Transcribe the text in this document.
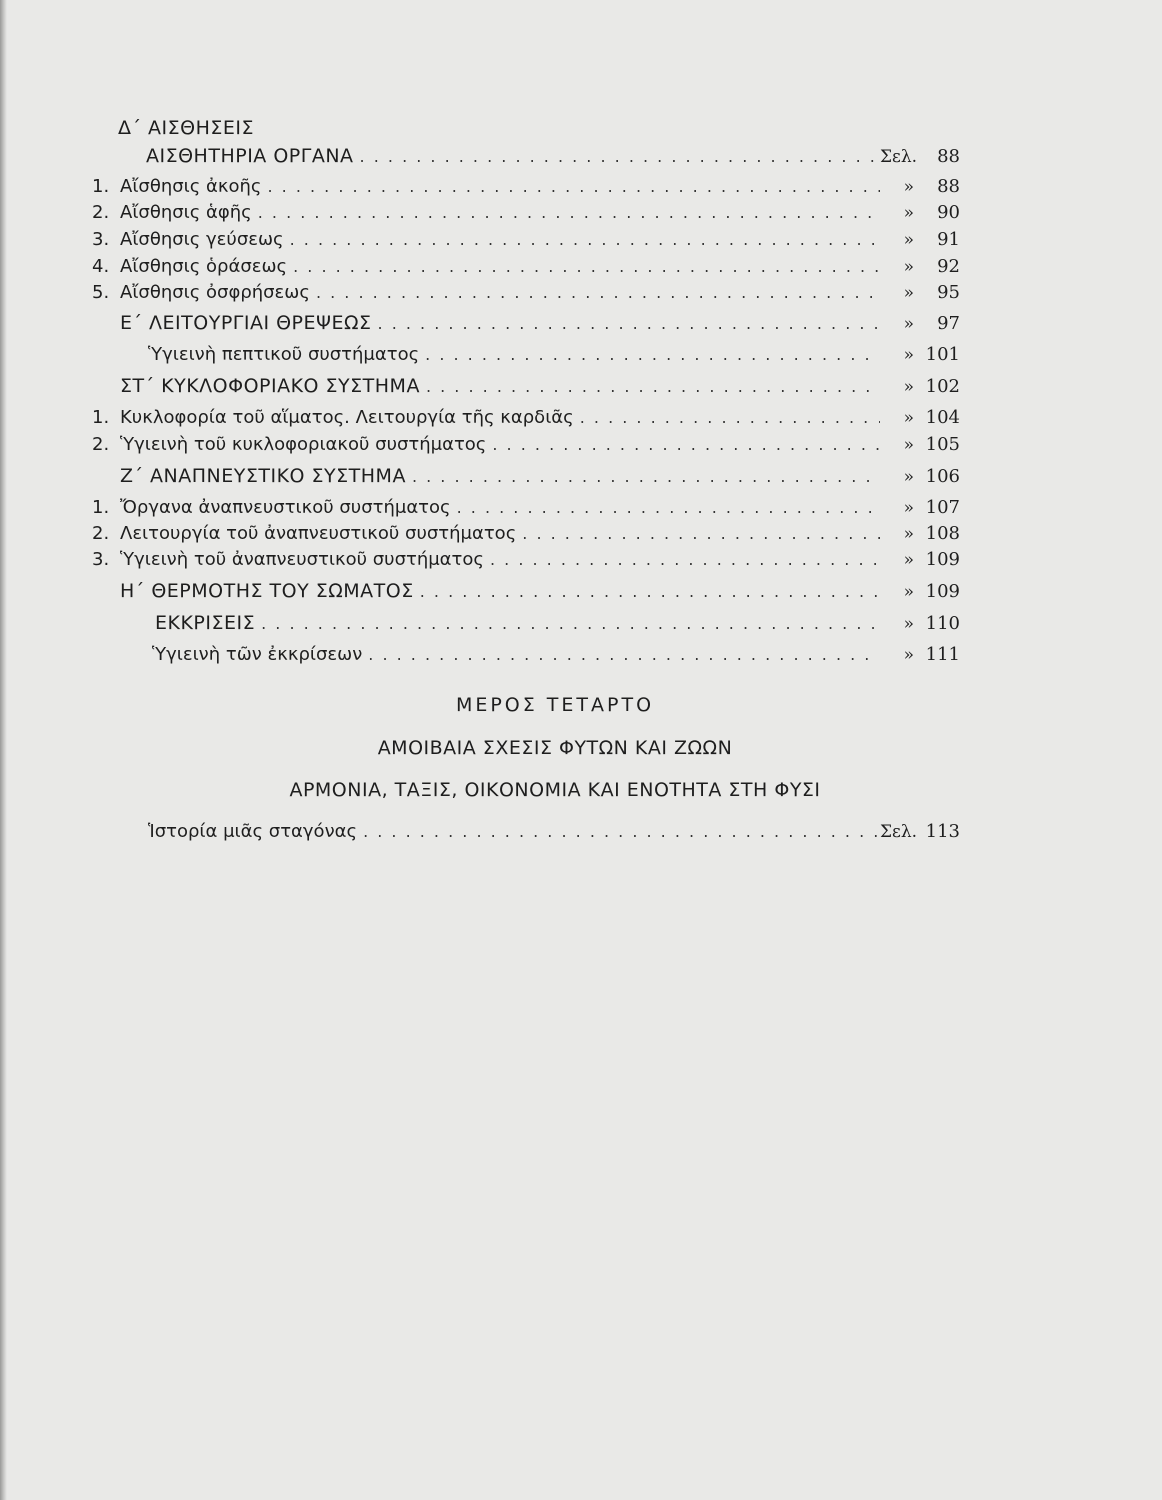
Δ΄ ΑΙΣΘΗΣΕΙΣ
ΑΙΣΘΗΤΗΡΙΑ ΟΡΓΑΝΑ . . .	Σελ.	88
1. Αἴσθησις ἀκοῆς . . .	»	88
2. Αἴσθησις ἁφῆς . . .	»	90
3. Αἴσθησις γεύσεως . . .	»	91
4. Αἴσθησις ὁράσεως . . .	»	92
5. Αἴσθησις ὀσφρήσεως . . .	»	95
Ε΄ ΛΕΙΤΟΥΡΓΙΑΙ ΘΡΕΨΕΩΣ . . .	»	97
Ὑγιεινὴ πεπτικοῦ συστήματος . . .	» 101
ΣΤ΄ ΚΥΚΛΟΦΟΡΙΑΚΟ ΣΥΣΤΗΜΑ . . .	» 102
1. Κυκλοφορία τοῦ αἵματος. Λειτουργία τῆς καρδιᾶς . . .	» 104
2. Ὑγιεινὴ τοῦ κυκλοφοριακοῦ συστήματος . . .	» 105
Ζ΄ ΑΝΑΠΝΕΥΣΤΙΚΟ ΣΥΣΤΗΜΑ . . .	» 106
1. Ὄργανα ἀναπνευστικοῦ συστήματος . . .	» 107
2. Λειτουργία τοῦ ἀναπνευστικοῦ συστήματος . . .	» 108
3. Ὑγιεινὴ τοῦ ἀναπνευστικοῦ συστήματος . . .	» 109
Η΄ ΘΕΡΜΟΤΗΣ ΤΟΥ ΣΩΜΑΤΟΣ . . .	» 109
ΕΚΚΡΙΣΕΙΣ . . .	» 110
Ὑγιεινὴ τῶν ἐκκρίσεων . . .	» 111
ΜΕΡΟΣ ΤΕΤΑΡΤΟ
ΑΜΟΙΒΑΙΑ ΣΧΕΣΙΣ ΦΥΤΩΝ ΚΑΙ ΖΩΩΝ
ΑΡΜΟΝΙΑ, ΤΑΞΙΣ, ΟΙΚΟΝΟΜΙΑ ΚΑΙ ΕΝΟΤΗΤΑ ΣΤΗ ΦΥΣΙ
Ἱστορία μιᾶς σταγόνας . . .	Σελ. 113
